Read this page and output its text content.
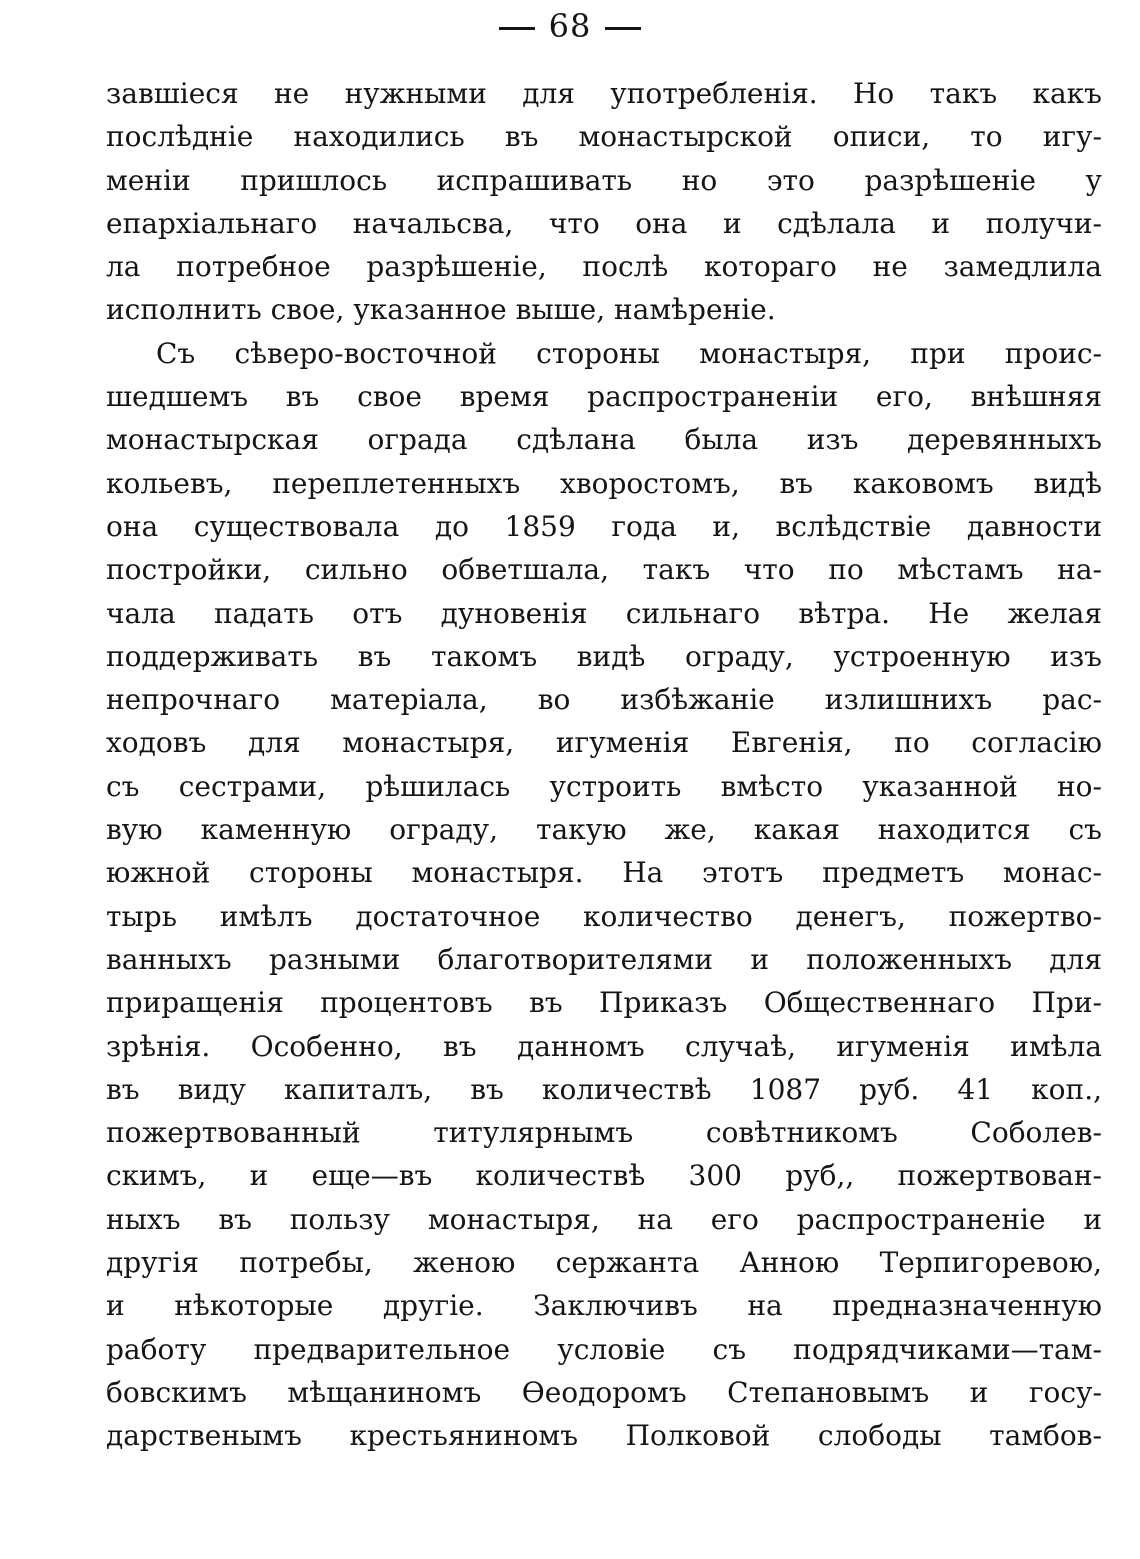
68
завшіеся не нужными для употребленія. Но такъ какъ
послѣдніе находились въ монастырской описи, то игу-
меніи пришлось испрашивать но это разрѣшеніе у
епархіальнаго начальсва, что она и сдѣлала и получи-
ла потребное разрѣшеніе, послѣ котораго не замедлила
исполнить свое, указанное выше, намѣреніе.
Съ сѣверо-восточной стороны монастыря, при проис-
шедшемъ въ свое время распространеніи его, внѣшняя
монастырская ограда сдѣлана была изъ деревянныхъ
кольевъ, переплетенныхъ хворостомъ, въ каковомъ видѣ
она существовала до 1859 года и, вслѣдствіе давности
постройки, сильно обветшала, такъ что по мѣстамъ на-
чала падать отъ дуновенія сильнаго вѣтра. Не желая
поддерживать въ такомъ видѣ ограду, устроенную изъ
непрочнаго матеріала, во избѣжаніе излишнихъ рас-
ходовъ для монастыря, игуменія Евгенія, по согласію
съ сестрами, рѣшилась устроить вмѣсто указанной но-
вую каменную ограду, такую же, какая находится съ
южной стороны монастыря. На этотъ предметъ монас-
тырь имѣлъ достаточное количество денегъ, пожертво-
ванныхъ разными благотворителями и положенныхъ для
приращенія процентовъ въ Приказъ Общественнаго При-
зрѣнія. Особенно, въ данномъ случаѣ, игуменія имѣла
въ виду капиталъ, въ количествѣ 1087 руб. 41 коп.,
пожертвованный титулярнымъ совѣтникомъ Соболев-
скимъ, и еще—въ количествѣ 300 руб,, пожертвован-
ныхъ въ пользу монастыря, на его распространеніе и
другія потребы, женою сержанта Анною Терпигоревою,
и нѣкоторые другіе. Заключивъ на предназначенную
работу предварительное условіе съ подрядчиками—там-
бовскимъ мѣщаниномъ Ѳеодоромъ Степановымъ и госу-
дарственымъ крестьяниномъ Полковой слободы тамбов-
